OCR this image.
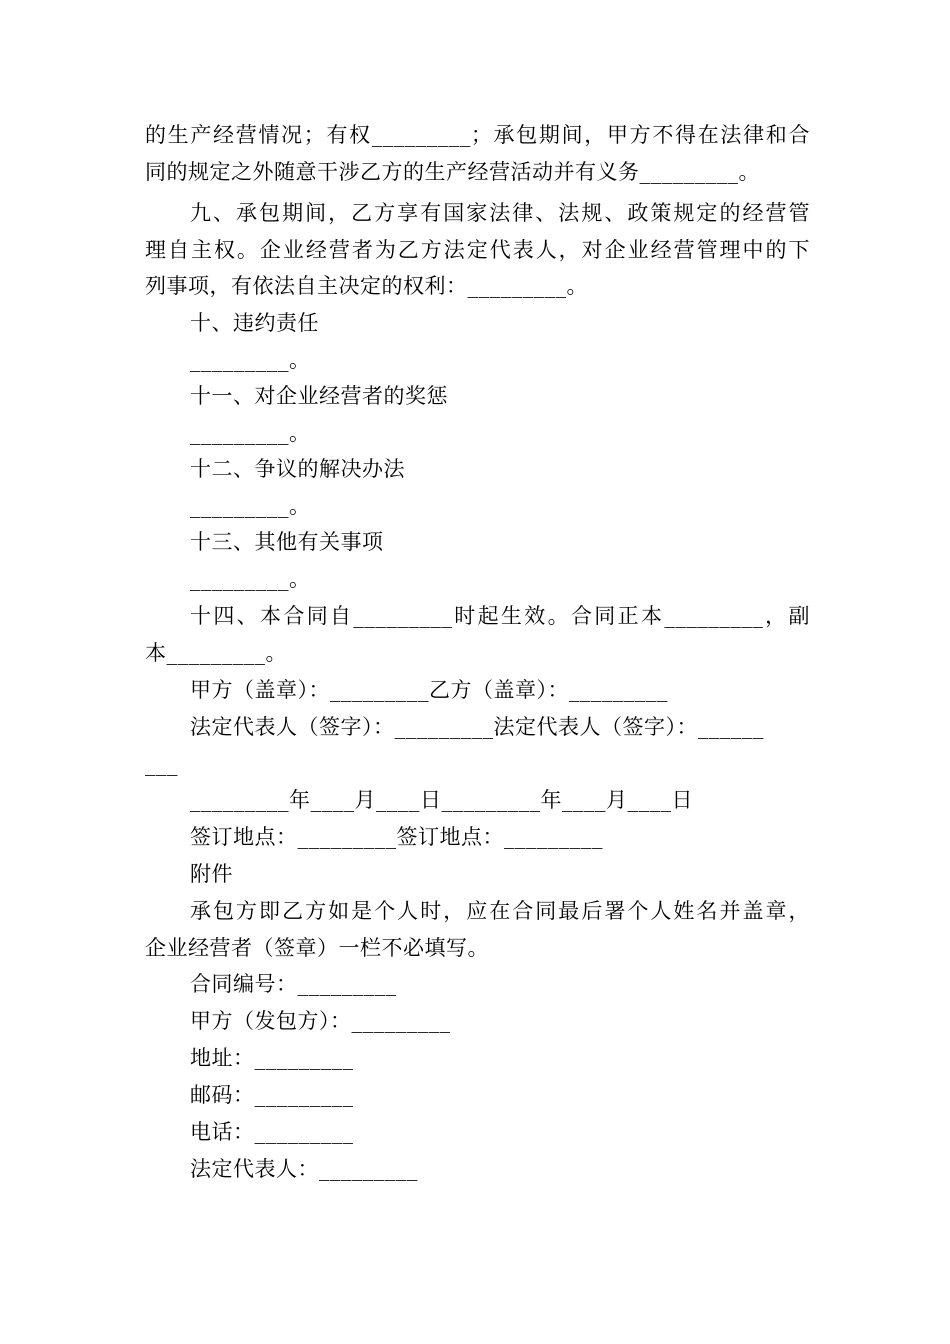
的生产经营情况；有权_________；承包期间，甲方不得在法律和合
同的规定之外随意干涉乙方的生产经营活动并有义务_________。
九、承包期间，乙方享有国家法律、法规、政策规定的经营管
理自主权。企业经营者为乙方法定代表人，对企业经营管理中的下
列事项，有依法自主决定的权利：_________。
十、违约责任
_________。
十一、对企业经营者的奖惩
_________。
十二、争议的解决办法
_________。
十三、其他有关事项
_________。
十四、本合同自_________时起生效。合同正本_________，副
本_________。
甲方（盖章）：_________乙方（盖章）：_________
法定代表人（签字）：_________法定代表人（签字）：______
___
_________年____月____日_________年____月____日
签订地点：_________签订地点：_________
附件
承包方即乙方如是个人时，应在合同最后署个人姓名并盖章，
企业经营者（签章）一栏不必填写。
合同编号：_________
甲方（发包方）：_________
地址：_________
邮码：_________
电话：_________
法定代表人：_________
